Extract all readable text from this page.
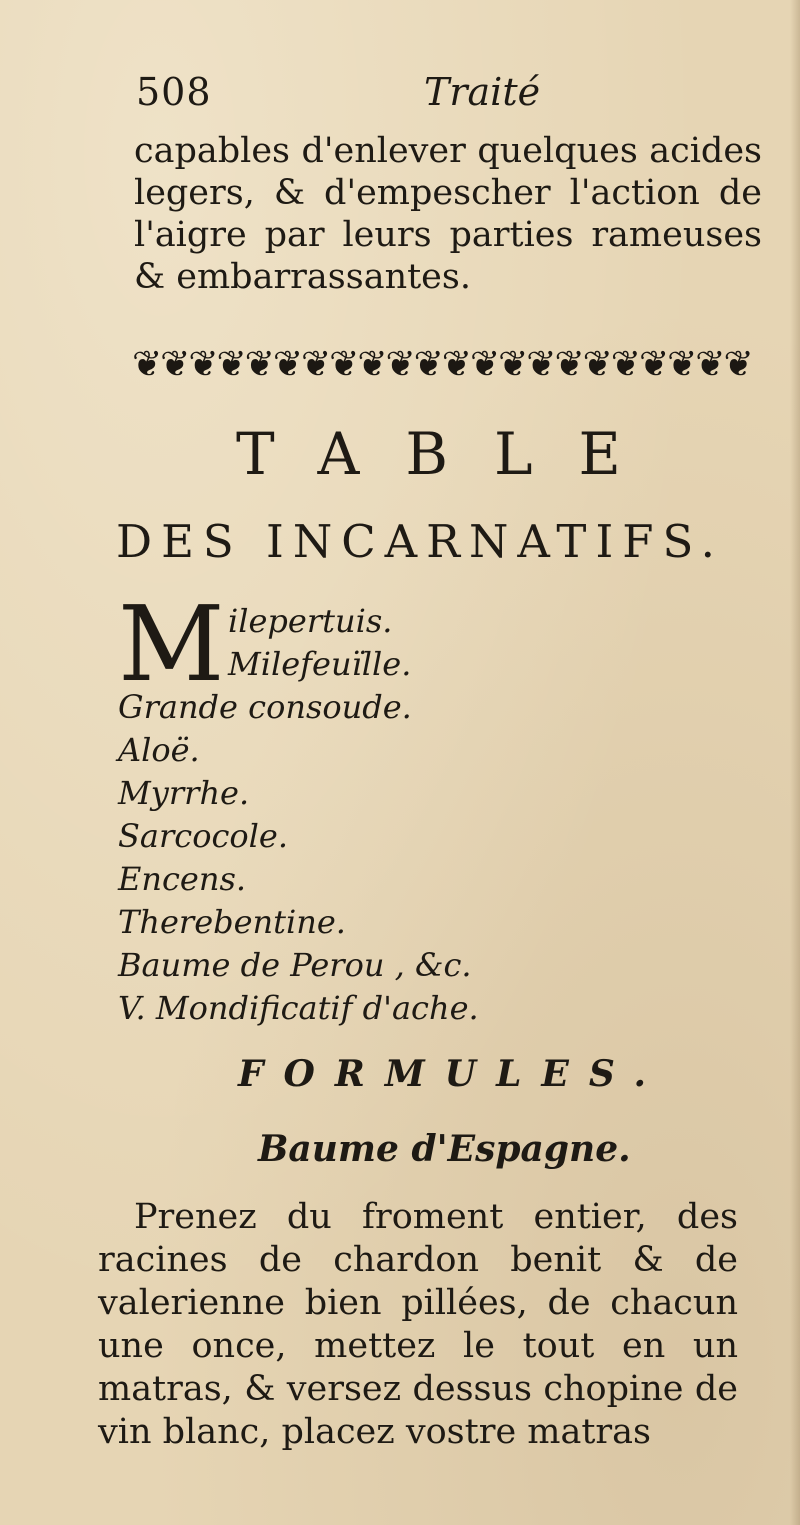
508	Traité

capables d'enlever quelques acides legers, & d'empescher l'action de l'aigre par leurs parties rameuses & embarrassantes.

❦❦❦❦❦❦❦❦❦❦❦❦❦❦❦❦❦❦❦❦❦❦
TABLE
DES INCARNATIFS.
M ilepertuis.
Milefeuïlle.
Grande consoude.
Aloë.
Myrrhe.
Sarcocole.
Encens.
Therebentine.
Baume de Perou , &c.
V. Mondificatif d'ache.
FORMULES.
Baume d'Espagne.

Prenez du froment entier, des racines de chardon benit & de valerienne bien pillées, de chacun une once, mettez le tout en un matras, & versez dessus chopine de vin blanc, placez vostre matras
